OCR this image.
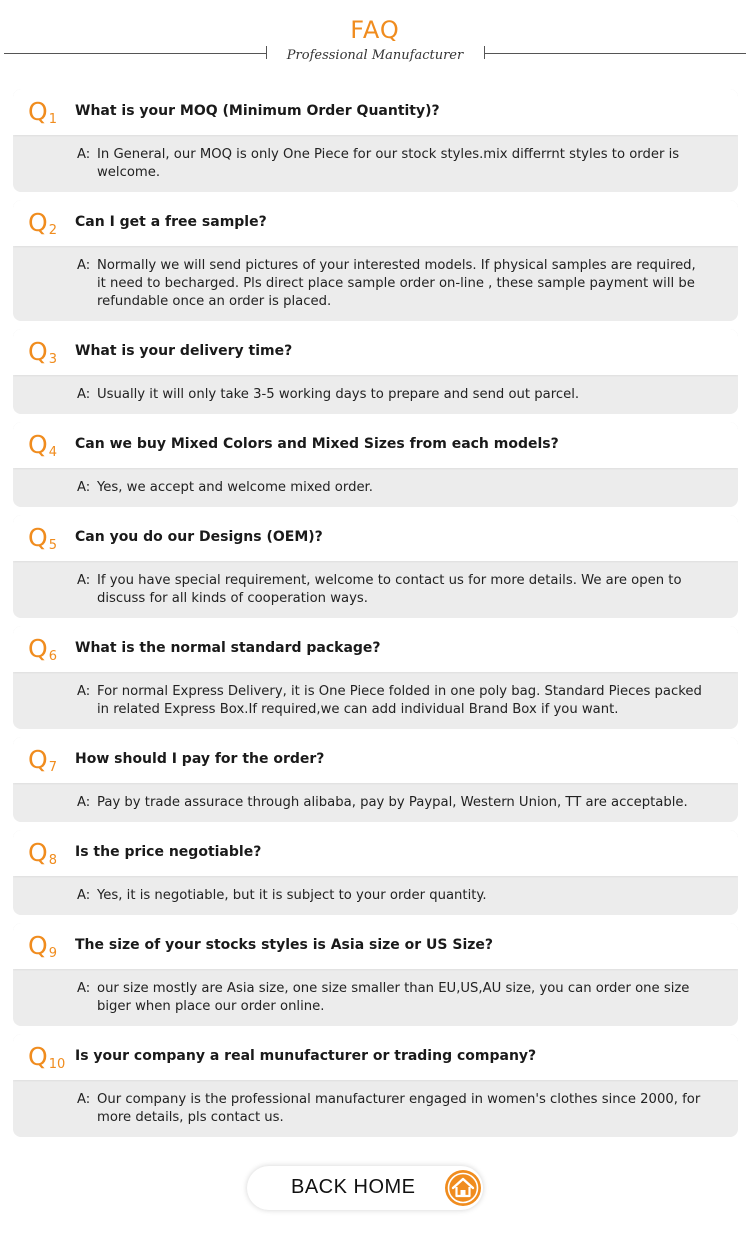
FAQ
Professional Manufacturer
Q1
What is your MOQ (Minimum Order Quantity)?
A: In General, our MOQ is only One Piece for our stock styles.mix differrnt styles to order is welcome.
Q2
Can I get a free sample?
A: Normally we will send pictures of your interested models. If physical samples are required, it need to becharged. Pls direct place sample order on-line , these sample payment will be refundable once an order is placed.
Q3
What is your delivery time?
A: Usually it will only take 3-5 working days to prepare and send out parcel.
Q4
Can we buy Mixed Colors and Mixed Sizes from each models?
A: Yes, we accept and welcome mixed order.
Q5
Can you do our Designs (OEM)?
A: If you have special requirement, welcome to contact us for more details. We are open to discuss for all kinds of cooperation ways.
Q6
What is the normal standard package?
A: For normal Express Delivery, it is One Piece folded in one poly bag. Standard Pieces packed in related Express Box.If required,we can add individual Brand Box if you want.
Q7
How should I pay for the order?
A: Pay by trade assurace through alibaba, pay by Paypal, Western Union, TT are acceptable.
Q8
Is the price negotiable?
A: Yes, it is negotiable, but it is subject to your order quantity.
Q9
The size of your stocks styles is Asia size or US Size?
A: our size mostly are Asia size, one size smaller than EU,US,AU size, you can order one size biger when place our order online.
Q10
Is your company a real munufacturer or trading company?
A: Our company is the professional manufacturer engaged in women's clothes since 2000, for more details, pls contact us.
BACK HOME
